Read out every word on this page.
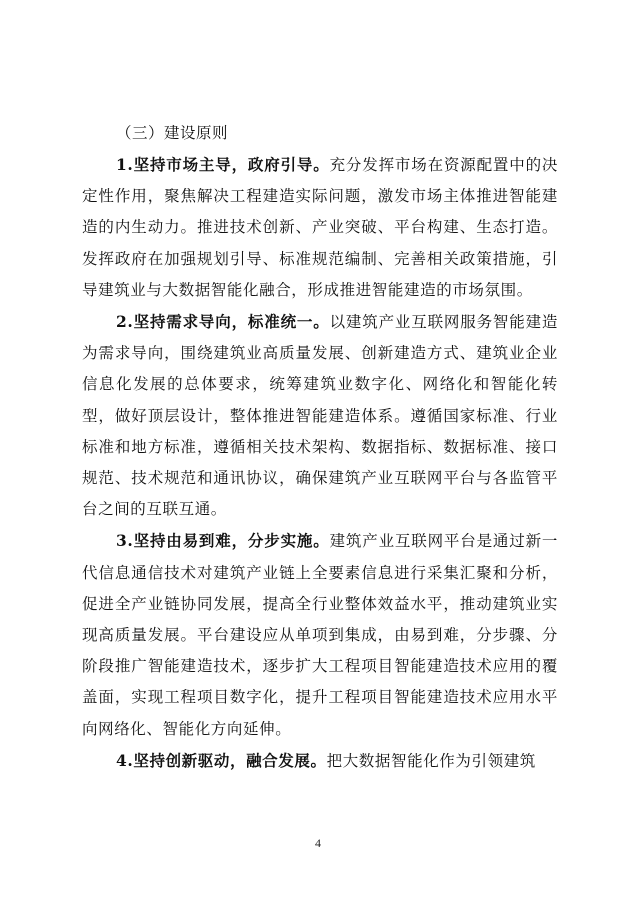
（三）建设原则

1.坚持市场主导，政府引导。充分发挥市场在资源配置中的决定性作用，聚焦解决工程建造实际问题，激发市场主体推进智能建造的内生动力。推进技术创新、产业突破、平台构建、生态打造。发挥政府在加强规划引导、标准规范编制、完善相关政策措施，引导建筑业与大数据智能化融合，形成推进智能建造的市场氛围。

2.坚持需求导向，标准统一。以建筑产业互联网服务智能建造为需求导向，围绕建筑业高质量发展、创新建造方式、建筑业企业信息化发展的总体要求，统筹建筑业数字化、网络化和智能化转型，做好顶层设计，整体推进智能建造体系。遵循国家标准、行业标准和地方标准，遵循相关技术架构、数据指标、数据标准、接口规范、技术规范和通讯协议，确保建筑产业互联网平台与各监管平台之间的互联互通。

3.坚持由易到难，分步实施。建筑产业互联网平台是通过新一代信息通信技术对建筑产业链上全要素信息进行采集汇聚和分析，促进全产业链协同发展，提高全行业整体效益水平，推动建筑业实现高质量发展。平台建设应从单项到集成，由易到难，分步骤、分阶段推广智能建造技术，逐步扩大工程项目智能建造技术应用的覆盖面，实现工程项目数字化，提升工程项目智能建造技术应用水平向网络化、智能化方向延伸。

4.坚持创新驱动，融合发展。把大数据智能化作为引领建筑

4
